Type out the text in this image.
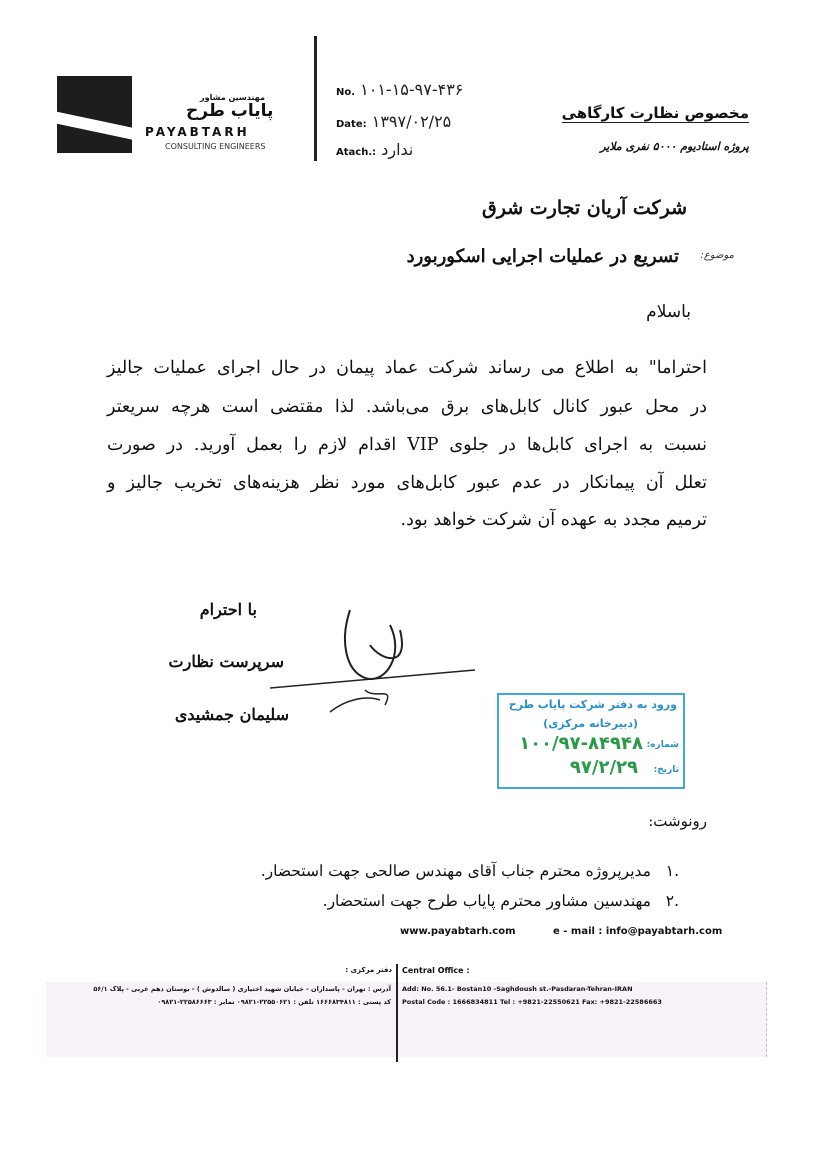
مهندسین مشاور
پایاب طرح
PAYABTARH
CONSULTING ENGINEERS
No. ۱۰۱-۱۵-۹۷-۴۳۶
Date: ۱۳۹۷/۰۲/۲۵
Atach.: ندارد
مخصوص نظارت کارگاهی
پروژه استادیوم ۵۰۰۰ نفری ملایر
شرکت آریان تجارت شرق
موضوع:
تسریع در عملیات اجرایی اسکوربورد
باسلام
احتراما" به اطلاع می رساند شرکت عماد پیمان در حال اجرای عملیات جالیز
در محل عبور کانال کابل‌های برق می‌باشد. لذا مقتضی است هرچه سریعتر
نسبت به اجرای کابل‌ها در جلوی VIP اقدام لازم را بعمل آورید. در صورت
تعلل آن پیمانکار در عدم عبور کابل‌های مورد نظر هزینه‌های تخریب جالیز و
ترمیم مجدد به عهده آن شرکت خواهد بود.
با احترام
سرپرست نظارت
سلیمان جمشیدی
ورود به دفتر شرکت پایاب طرح
(دبیرخانه مرکزی)
شماره:
۱۰۰/۹۷-۸۴۹۴۸
تاریخ:
۹۷/۲/۲۹
رونوشت:
.۱   مدیرپروژه محترم جناب آقای مهندس صالحی جهت استحضار.
.۲   مهندسین مشاور محترم پایاب طرح جهت استحضار.
www.payabtarh.com	e - mail : info@payabtarh.com
دفتر مرکزی : Central Office :
آدرس : تهران - پاسداران - خیابان شهید اختیاری ( سالدوش ) - بوستان دهم غربی - پلاک ۵۶/۱
کد پستی : ۱۶۶۶۸۳۴۸۱۱ تلفن : ۲۲۵۵۰۶۲۱-۰۹۸۲۱ نمابر : ۲۲۵۸۶۶۶۳-۰۹۸۲۱
Add: No. 56.1- Bostan10 -Saghdoush st.-Pasdaran-Tehran-IRAN
Postal Code : 1666834811 Tel : +9821-22550621 Fax: +9821-22586663
